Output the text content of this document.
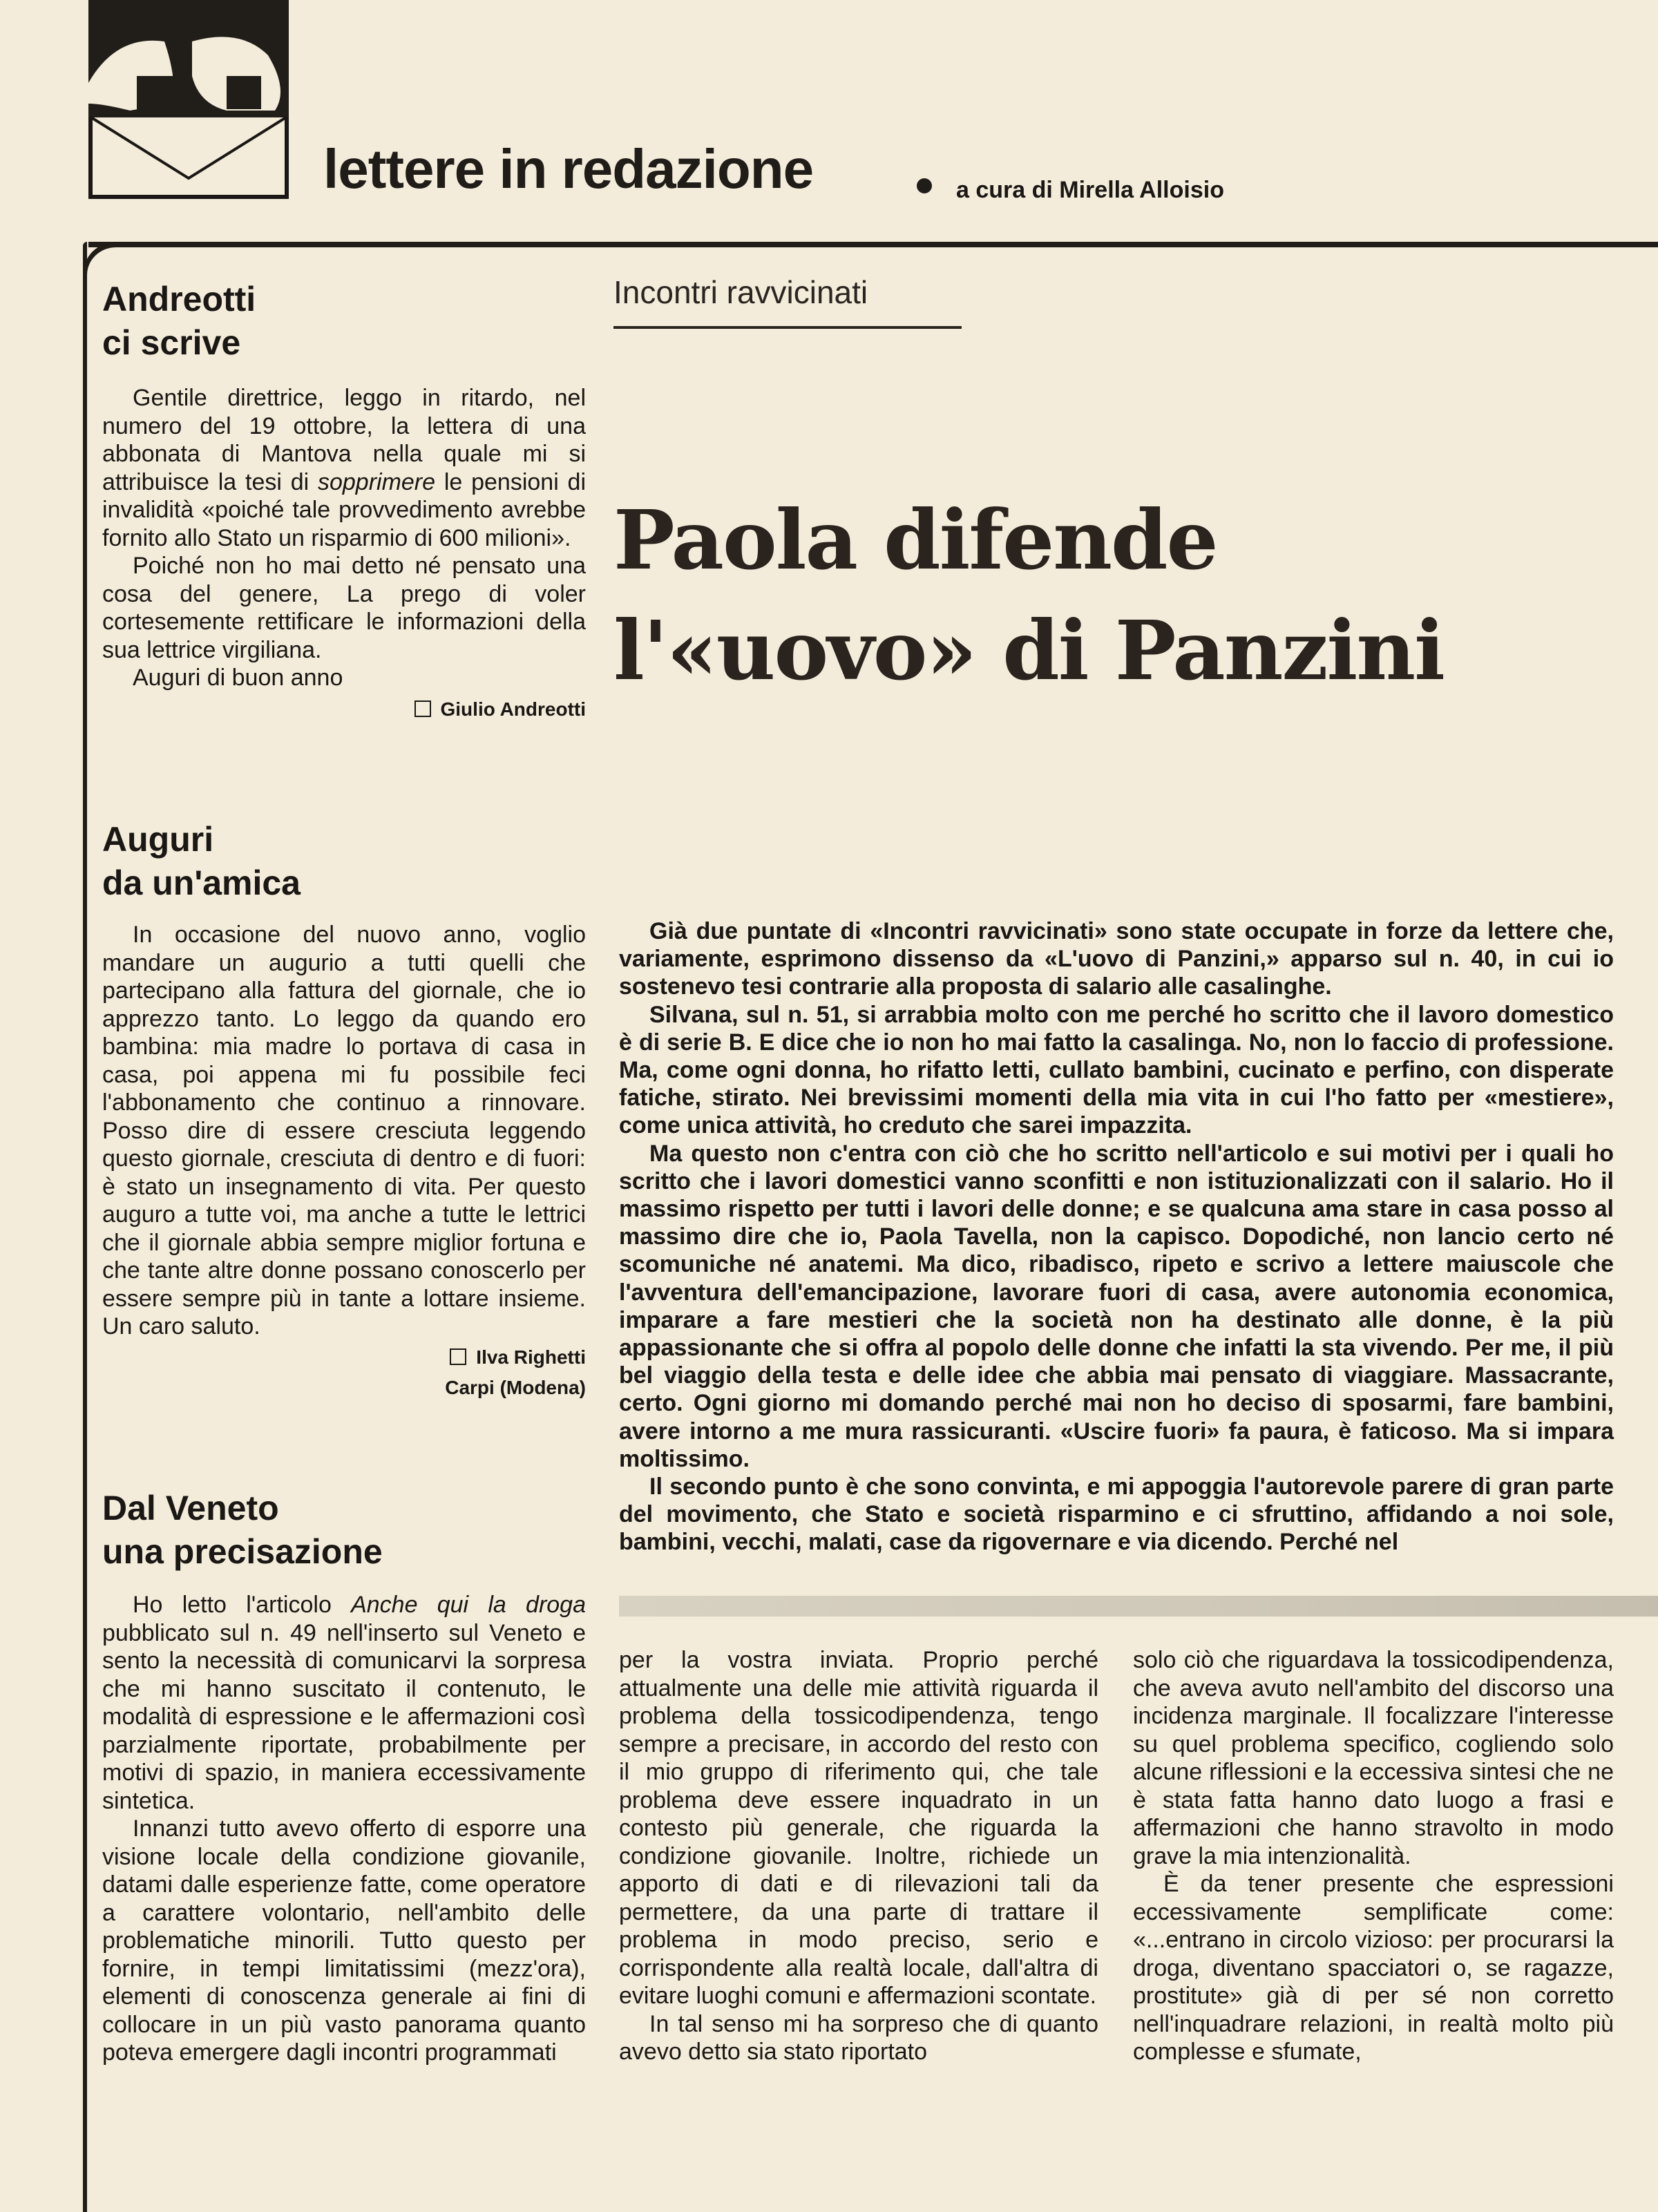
lettere in redazione	a cura di Mirella Alloisio
Andreotti
ci scrive

Gentile direttrice, leggo in ritardo, nel numero del 19 ottobre, la lettera di una abbonata di Mantova nella quale mi si attribuisce la tesi di sopprimere le pensioni di invalidità «poiché tale provvedimento avrebbe fornito allo Stato un risparmio di 600 milioni».

Poiché non ho mai detto né pensato una cosa del genere, La prego di voler cortesemente rettificare le informazioni della sua lettrice virgiliana.

Auguri di buon anno

Giulio Andreotti
Auguri
da un'amica

In occasione del nuovo anno, voglio mandare un augurio a tutti quelli che partecipano alla fattura del giornale, che io apprezzo tanto. Lo leggo da quando ero bambina: mia madre lo portava di casa in casa, poi appena mi fu possibile feci l'abbonamento che continuo a rinnovare. Posso dire di essere cresciuta leggendo questo giornale, cresciuta di dentro e di fuori: è stato un insegnamento di vita. Per questo auguro a tutte voi, ma anche a tutte le lettrici che il giornale abbia sempre miglior fortuna e che tante altre donne possano conoscerlo per essere sempre più in tante a lottare insieme. Un caro saluto.

Ilva Righetti
Carpi (Modena)
Dal Veneto
una precisazione

Ho letto l'articolo Anche qui la droga pubblicato sul n. 49 nell'inserto sul Veneto e sento la necessità di comunicarvi la sorpresa che mi hanno suscitato il contenuto, le modalità di espressione e le affermazioni così parzialmente riportate, probabilmente per motivi di spazio, in maniera eccessivamente sintetica.

Innanzi tutto avevo offerto di esporre una visione locale della condizione giovanile, datami dalle esperienze fatte, come operatore a carattere volontario, nell'ambito delle problematiche minorili. Tutto questo per fornire, in tempi limitatissimi (mezz'ora), elementi di conoscenza generale ai fini di collocare in un più vasto panorama quanto poteva emergere dagli incontri programmati

Incontri ravvicinati
Paola difende
l'«uovo» di Panzini

Già due puntate di «Incontri ravvicinati» sono state occupate in forze da lettere che, variamente, esprimono dissenso da «L'uovo di Panzini,» apparso sul n. 40, in cui io sostenevo tesi contrarie alla proposta di salario alle casalinghe.

Silvana, sul n. 51, si arrabbia molto con me perché ho scritto che il lavoro domestico è di serie B. E dice che io non ho mai fatto la casalinga. No, non lo faccio di professione. Ma, come ogni donna, ho rifatto letti, cullato bambini, cucinato e perfino, con disperate fatiche, stirato. Nei brevissimi momenti della mia vita in cui l'ho fatto per «mestiere», come unica attività, ho creduto che sarei impazzita.

Ma questo non c'entra con ciò che ho scritto nell'articolo e sui motivi per i quali ho scritto che i lavori domestici vanno sconfitti e non istituzionalizzati con il salario. Ho il massimo rispetto per tutti i lavori delle donne; e se qualcuna ama stare in casa posso al massimo dire che io, Paola Tavella, non la capisco. Dopodiché, non lancio certo né scomuniche né anatemi. Ma dico, ribadisco, ripeto e scrivo a lettere maiuscole che l'avventura dell'emancipazione, lavorare fuori di casa, avere autonomia economica, imparare a fare mestieri che la società non ha destinato alle donne, è la più appassionante che si offra al popolo delle donne che infatti la sta vivendo. Per me, il più bel viaggio della testa e delle idee che abbia mai pensato di viaggiare. Massacrante, certo. Ogni giorno mi domando perché mai non ho deciso di sposarmi, fare bambini, avere intorno a me mura rassicuranti. «Uscire fuori» fa paura, è faticoso. Ma si impara moltissimo.

Il secondo punto è che sono convinta, e mi appoggia l'autorevole parere di gran parte del movimento, che Stato e società risparmino e ci sfruttino, affidando a noi sole, bambini, vecchi, malati, case da rigovernare e via dicendo. Perché nel

per la vostra inviata. Proprio perché attualmente una delle mie attività riguarda il problema della tossicodipendenza, tengo sempre a precisare, in accordo del resto con il mio gruppo di riferimento qui, che tale problema deve essere inquadrato in un contesto più generale, che riguarda la condizione giovanile. Inoltre, richiede un apporto di dati e di rilevazioni tali da permettere, da una parte di trattare il problema in modo preciso, serio e corrispondente alla realtà locale, dall'altra di evitare luoghi comuni e affermazioni scontate.

In tal senso mi ha sorpreso che di quanto avevo detto sia stato riportato

solo ciò che riguardava la tossicodipendenza, che aveva avuto nell'ambito del discorso una incidenza marginale. Il focalizzare l'interesse su quel problema specifico, cogliendo solo alcune riflessioni e la eccessiva sintesi che ne è stata fatta hanno dato luogo a frasi e affermazioni che hanno stravolto in modo grave la mia intenzionalità.

È da tener presente che espressioni eccessivamente semplificate come: «...entrano in circolo vizioso: per procurarsi la droga, diventano spacciatori o, se ragazze, prostitute» già di per sé non corretto nell'inquadrare relazioni, in realtà molto più complesse e sfumate,
